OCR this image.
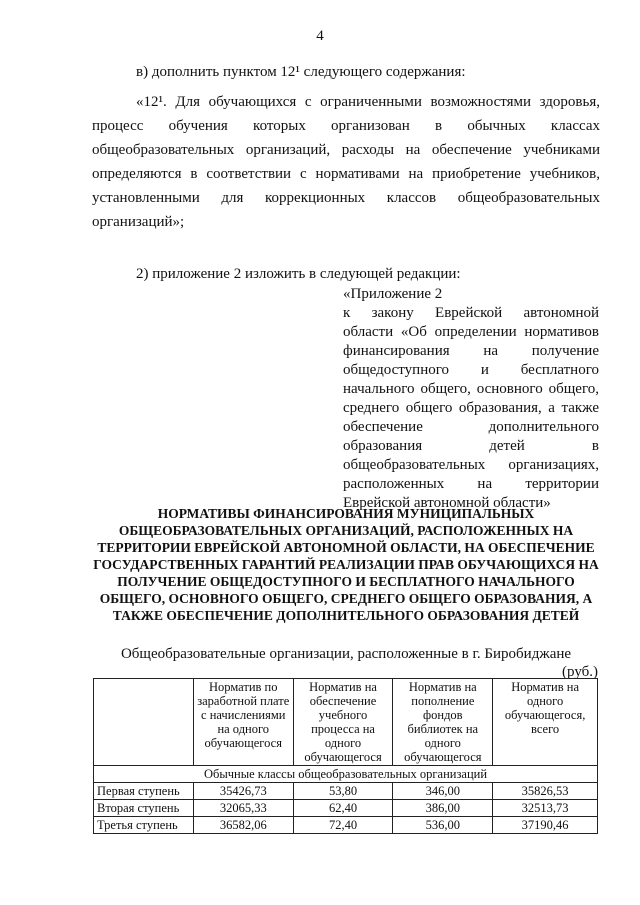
4

в) дополнить пунктом 12¹ следующего содержания:

«12¹. Для обучающихся с ограниченными возможностями здоровья, процесс обучения которых организован в обычных классах общеобразовательных организаций, расходы на обеспечение учебниками определяются в соответствии с нормативами на приобретение учебников, установленными для коррекционных классов общеобразовательных организаций»;

2) приложение 2 изложить в следующей редакции:

«Приложение 2
к закону Еврейской автономной области «Об определении нормативов финансирования на получение общедоступного и бесплатного начального общего, основного общего, среднего общего образования, а также обеспечение дополнительного образования детей в общеобразовательных организациях, расположенных на территории Еврейской автономной области»
НОРМАТИВЫ ФИНАНСИРОВАНИЯ МУНИЦИПАЛЬНЫХ ОБЩЕОБРАЗОВАТЕЛЬНЫХ ОРГАНИЗАЦИЙ, РАСПОЛОЖЕННЫХ НА ТЕРРИТОРИИ ЕВРЕЙСКОЙ АВТОНОМНОЙ ОБЛАСТИ, НА ОБЕСПЕЧЕНИЕ ГОСУДАРСТВЕННЫХ ГАРАНТИЙ РЕАЛИЗАЦИИ ПРАВ ОБУЧАЮЩИХСЯ НА ПОЛУЧЕНИЕ ОБЩЕДОСТУПНОГО И БЕСПЛАТНОГО НАЧАЛЬНОГО ОБЩЕГО, ОСНОВНОГО ОБЩЕГО, СРЕДНЕГО ОБЩЕГО ОБРАЗОВАНИЯ, А ТАКЖЕ ОБЕСПЕЧЕНИЕ ДОПОЛНИТЕЛЬНОГО ОБРАЗОВАНИЯ ДЕТЕЙ
Общеобразовательные организации, расположенные в г. Биробиджане
(руб.)
	Норматив по заработной плате с начислениями на одного обучающегося	Норматив на обеспечение учебного процесса на одного обучающегося	Норматив на пополнение фондов библиотек на одного обучающегося	Норматив на одного обучающегося, всего
Обычные классы общеобразовательных организаций				
Первая ступень	35426,73	53,80	346,00	35826,53
Вторая ступень	32065,33	62,40	386,00	32513,73
Третья ступень	36582,06	72,40	536,00	37190,46
